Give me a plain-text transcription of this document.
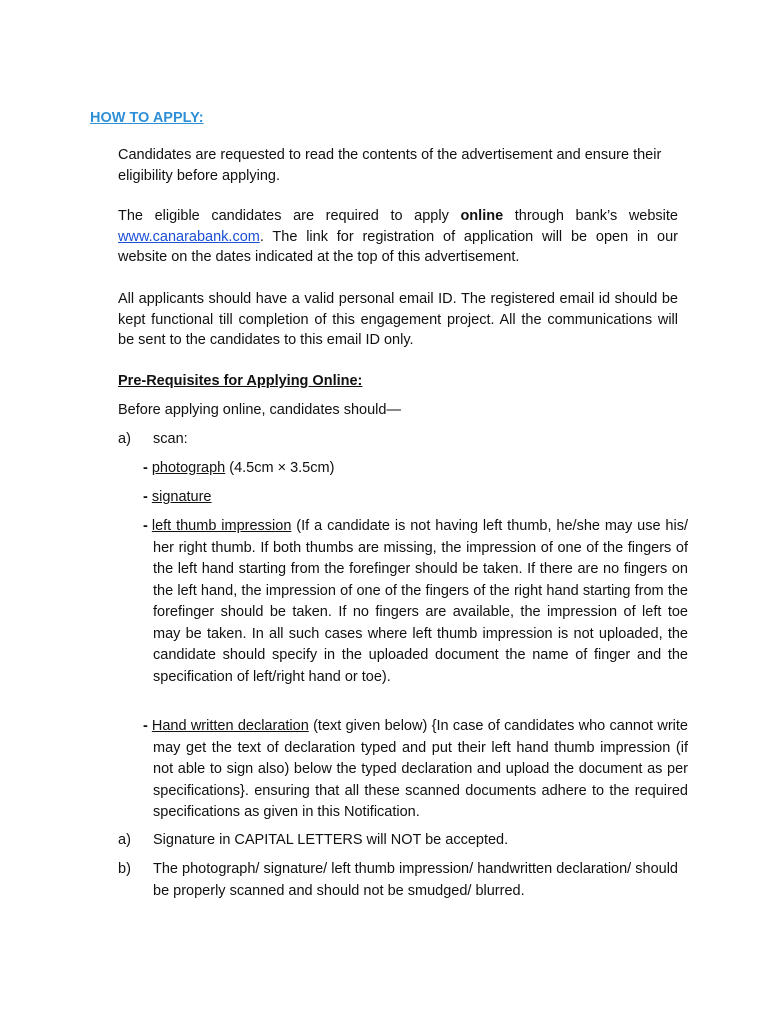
HOW TO APPLY:

Candidates are requested to read the contents of the advertisement and ensure their eligibility before applying.

The eligible candidates are required to apply online through bank’s website www.canarabank.com. The link for registration of application will be open in our website on the dates indicated at the top of this advertisement.

All applicants should have a valid personal email ID. The registered email id should be kept functional till completion of this engagement project. All the communications will be sent to the candidates to this email ID only.

Pre-Requisites for Applying Online:
Before applying online, candidates should—
a) scan:
- photograph (4.5cm × 3.5cm)
- signature
- left thumb impression (If a candidate is not having left thumb, he/she may use his/ her right thumb. If both thumbs are missing, the impression of one of the fingers of the left hand starting from the forefinger should be taken. If there are no fingers on the left hand, the impression of one of the fingers of the right hand starting from the forefinger should be taken. If no fingers are available, the impression of left toe may be taken. In all such cases where left thumb impression is not uploaded, the candidate should specify in the uploaded document the name of finger and the specification of left/right hand or toe).
- Hand written declaration (text given below) {In case of candidates who cannot write may get the text of declaration typed and put their left hand thumb impression (if not able to sign also) below the typed declaration and upload the document as per specifications}. ensuring that all these scanned documents adhere to the required specifications as given in this Notification.
a) Signature in CAPITAL LETTERS will NOT be accepted.
b) The photograph/ signature/ left thumb impression/ handwritten declaration/ should be properly scanned and should not be smudged/ blurred.
